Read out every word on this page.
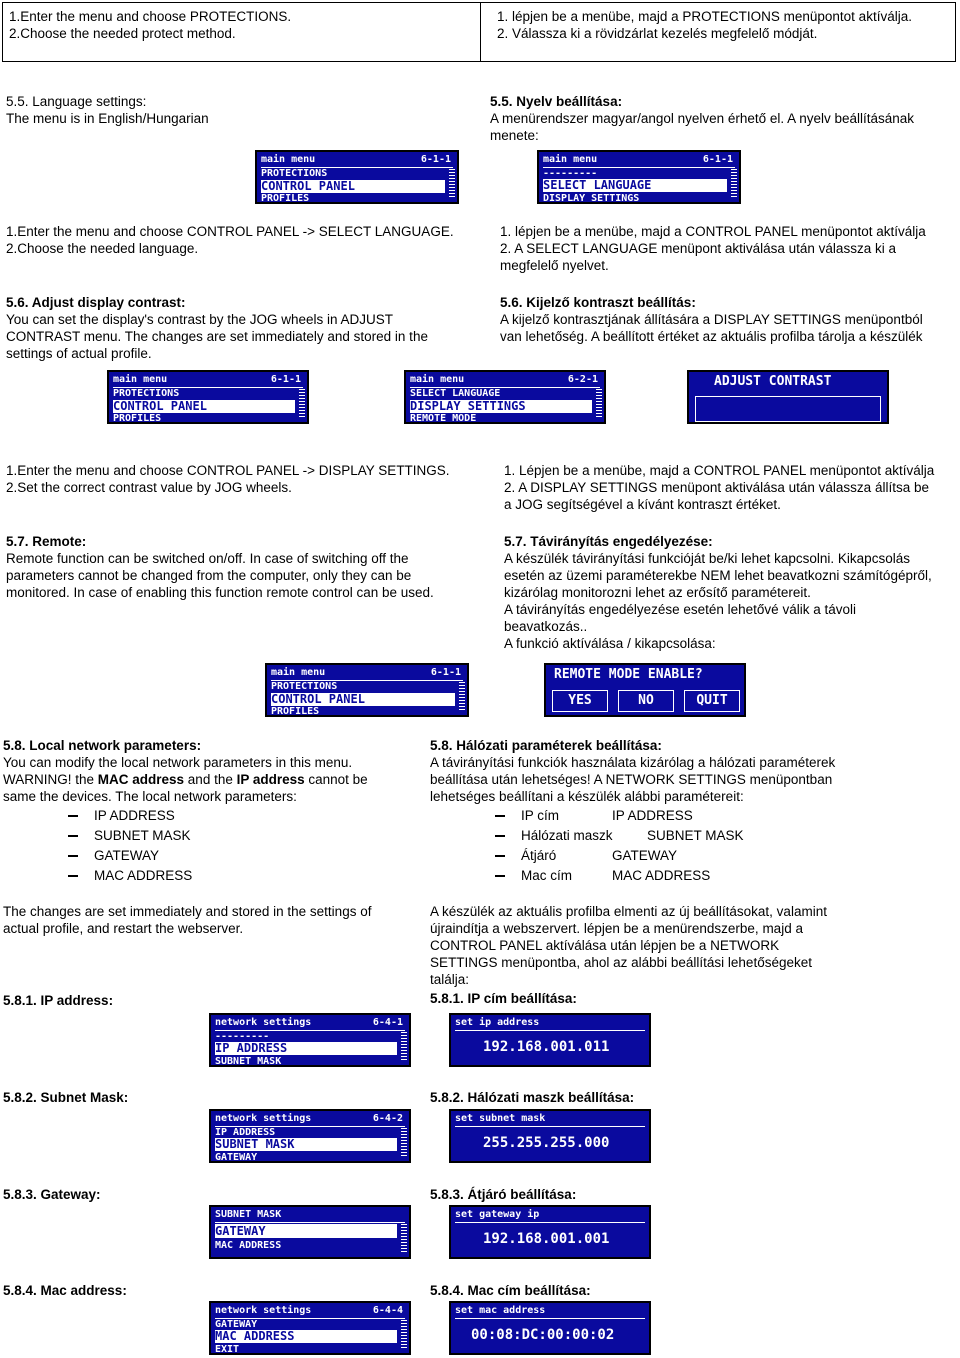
1.Enter the menu and choose PROTECTIONS.
2.Choose the needed protect method.
1. lépjen be a menübe, majd a PROTECTIONS menüpontot aktíválja.
2. Válassza ki a rövidzárlat kezelés megfelelő módját.
5.5. Language settings:
The menu is in English/Hungarian
5.5. Nyelv beállítása:
A menürendszer magyar/angol nyelven érhető el. A nyelv beállításának
menete:
main menu	6-1-1
PROTECTIONS
CONTROL PANEL
PROFILES
main menu	6-1-1
---------
SELECT LANGUAGE
DISPLAY SETTINGS
1.Enter the menu and choose CONTROL PANEL -> SELECT LANGUAGE.
2.Choose the needed language.
1. lépjen be a menübe, majd a CONTROL PANEL menüpontot aktíválja
2. A SELECT LANGUAGE menüpont aktiválása után válassza ki a
megfelelő nyelvet.
5.6. Adjust display contrast:
You can set the display's contrast by the JOG wheels in ADJUST
CONTRAST menu. The changes are set immediately and stored in the
settings of actual profile.
5.6. Kijelző kontraszt beállítás:
A kijelző kontrasztjának állítására a DISPLAY SETTINGS menüpontból
van lehetőség. A beállított értéket az aktuális profilba tárolja a készülék
main menu	6-1-1
PROTECTIONS
CONTROL PANEL
PROFILES
main menu	6-2-1
SELECT LANGUAGE
DISPLAY SETTINGS
REMOTE MODE
ADJUST CONTRAST
1.Enter the menu and choose CONTROL PANEL -> DISPLAY SETTINGS.
2.Set the correct contrast value by JOG wheels.
1. Lépjen be a menübe, majd a CONTROL PANEL menüpontot aktíválja
2. A DISPLAY SETTINGS menüpont aktiválása után válassza állítsa be
a JOG segítségével a kívánt kontraszt értéket.
5.7. Remote:
Remote function can be switched on/off. In case of switching off the
parameters cannot be changed from the computer, only they can be
monitored. In case of enabling this function remote control can be used.
5.7. Távirányítás engedélyezése:
A készülék távirányítási funkcióját be/ki lehet kapcsolni. Kikapcsolás
esetén az üzemi paraméterekbe NEM lehet beavatkozni számítógépről,
kizárólag monitorozni lehet az erősítő paramétereit.
A távirányítás engedélyezése esetén lehetővé válik a távoli
beavatkozás..
A funkció aktíválása / kikapcsolása:
main menu	6-1-1
PROTECTIONS
CONTROL PANEL
PROFILES
REMOTE MODE ENABLE?
YES	NO	QUIT
5.8. Local network parameters:
You can modify the local network parameters in this menu.
WARNING! the MAC address and the IP address cannot be
same the devices. The local network parameters:
IP ADDRESS
SUBNET MASK
GATEWAY
MAC ADDRESS
The changes are set immediately and stored in the settings of
actual profile, and restart the webserver.
5.8. Hálózati paraméterek beállítása:
A távirányítási funkciók használata kizárólag a hálózati paraméterek
beállítása után lehetséges! A NETWORK SETTINGS menüpontban
lehetséges beállítani a készülék alábbi paramétereit:
IP cím	IP ADDRESS
Hálózati maszk	SUBNET MASK
Átjáró	GATEWAY
Mac cím	MAC ADDRESS
A készülék az aktuális profilba elmenti az új beállításokat, valamint
újraindítja a webszervert. lépjen be a menürendszerbe, majd a
CONTROL PANEL aktíválása után lépjen be a NETWORK
SETTINGS menüpontba, ahol az alábbi beállítási lehetőségeket
találja:
5.8.1. IP address:	5.8.1. IP cím beállítása:
network settings	6-4-1
---------
IP ADDRESS
SUBNET MASK
set ip address
192.168.001.011
5.8.2. Subnet Mask:	5.8.2. Hálózati maszk beállítása:
network settings	6-4-2
IP ADDRESS
SUBNET MASK
GATEWAY
set subnet mask
255.255.255.000
5.8.3. Gateway:	5.8.3. Átjáró beállítása:
SUBNET MASK
GATEWAY
MAC ADDRESS
set gateway ip
192.168.001.001
5.8.4. Mac address:	5.8.4. Mac cím beállítása:
network settings	6-4-4
GATEWAY
MAC ADDRESS
EXIT
set mac address
00:08:DC:00:00:02
